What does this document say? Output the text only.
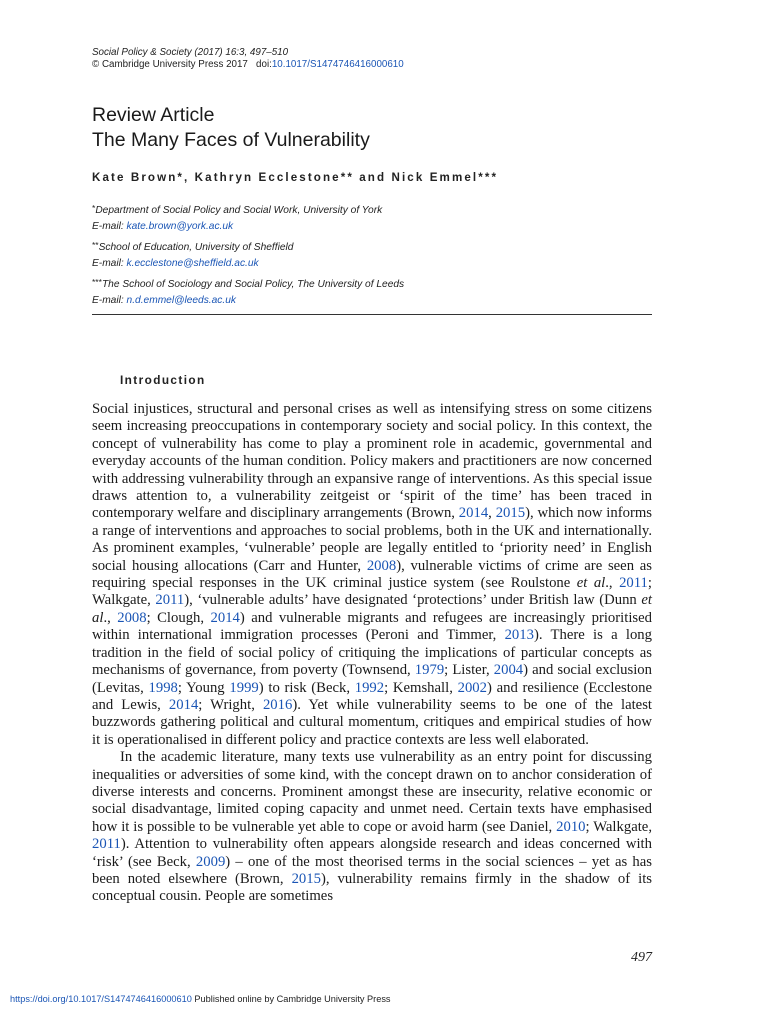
Social Policy & Society (2017) 16:3, 497–510
© Cambridge University Press 2017 doi:10.1017/S1474746416000610
Review Article
The Many Faces of Vulnerability
Kate Brown*, Kathryn Ecclestone** and Nick Emmel***
*Department of Social Policy and Social Work, University of York
E-mail: kate.brown@york.ac.uk
**School of Education, University of Sheffield
E-mail: k.ecclestone@sheffield.ac.uk
***The School of Sociology and Social Policy, The University of Leeds
E-mail: n.d.emmel@leeds.ac.uk
Introduction

Social injustices, structural and personal crises as well as intensifying stress on some citizens seem increasing preoccupations in contemporary society and social policy. In this context, the concept of vulnerability has come to play a prominent role in academic, governmental and everyday accounts of the human condition. Policy makers and practitioners are now concerned with addressing vulnerability through an expansive range of interventions. As this special issue draws attention to, a vulnerability zeitgeist or ‘spirit of the time’ has been traced in contemporary welfare and disciplinary arrangements (Brown, 2014, 2015), which now informs a range of interventions and approaches to social problems, both in the UK and internationally. As prominent examples, ‘vulnerable’ people are legally entitled to ‘priority need’ in English social housing allocations (Carr and Hunter, 2008), vulnerable victims of crime are seen as requiring special responses in the UK criminal justice system (see Roulstone et al., 2011; Walkgate, 2011), ‘vulnerable adults’ have designated ‘protections’ under British law (Dunn et al., 2008; Clough, 2014) and vulnerable migrants and refugees are increasingly prioritised within international immigration processes (Peroni and Timmer, 2013). There is a long tradition in the field of social policy of critiquing the implications of particular concepts as mechanisms of governance, from poverty (Townsend, 1979; Lister, 2004) and social exclusion (Levitas, 1998; Young 1999) to risk (Beck, 1992; Kemshall, 2002) and resilience (Ecclestone and Lewis, 2014; Wright, 2016). Yet while vulnerability seems to be one of the latest buzzwords gathering political and cultural momentum, critiques and empirical studies of how it is operationalised in different policy and practice contexts are less well elaborated.

In the academic literature, many texts use vulnerability as an entry point for discussing inequalities or adversities of some kind, with the concept drawn on to anchor consideration of diverse interests and concerns. Prominent amongst these are insecurity, relative economic or social disadvantage, limited coping capacity and unmet need. Certain texts have emphasised how it is possible to be vulnerable yet able to cope or avoid harm (see Daniel, 2010; Walkgate, 2011). Attention to vulnerability often appears alongside research and ideas concerned with ‘risk’ (see Beck, 2009) – one of the most theorised terms in the social sciences – yet as has been noted elsewhere (Brown, 2015), vulnerability remains firmly in the shadow of its conceptual cousin. People are sometimes

497
https://doi.org/10.1017/S1474746416000610 Published online by Cambridge University Press
